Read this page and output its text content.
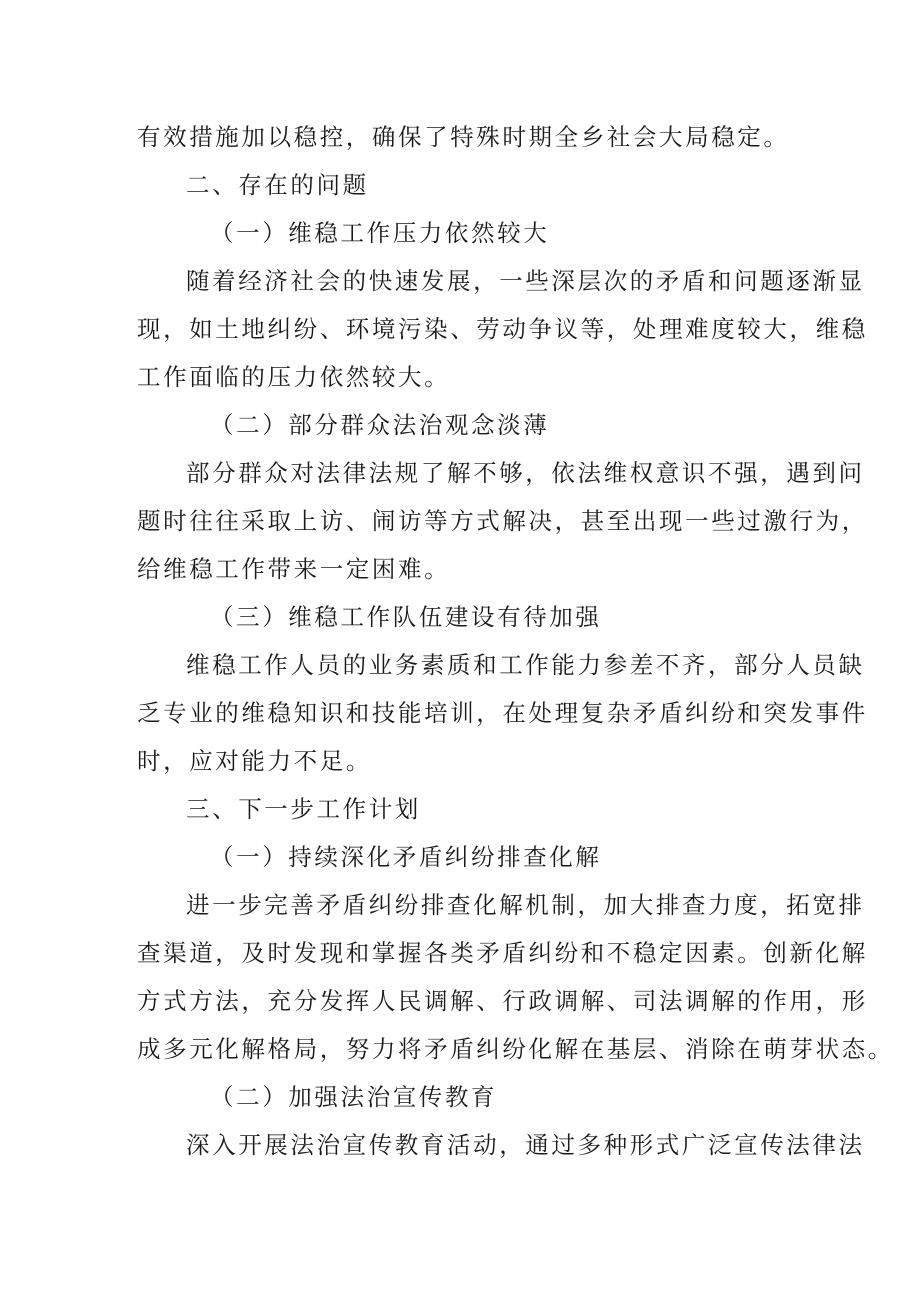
有效措施加以稳控，确保了特殊时期全乡社会大局稳定。
二、存在的问题
（一）维稳工作压力依然较大
随着经济社会的快速发展，一些深层次的矛盾和问题逐渐显
现，如土地纠纷、环境污染、劳动争议等，处理难度较大，维稳
工作面临的压力依然较大。
（二）部分群众法治观念淡薄
部分群众对法律法规了解不够，依法维权意识不强，遇到问
题时往往采取上访、闹访等方式解决，甚至出现一些过激行为，
给维稳工作带来一定困难。
（三）维稳工作队伍建设有待加强
维稳工作人员的业务素质和工作能力参差不齐，部分人员缺
乏专业的维稳知识和技能培训，在处理复杂矛盾纠纷和突发事件
时，应对能力不足。
三、下一步工作计划
（一）持续深化矛盾纠纷排查化解
进一步完善矛盾纠纷排查化解机制，加大排查力度，拓宽排
查渠道，及时发现和掌握各类矛盾纠纷和不稳定因素。创新化解
方式方法，充分发挥人民调解、行政调解、司法调解的作用，形
成多元化解格局，努力将矛盾纠纷化解在基层、消除在萌芽状态。
（二）加强法治宣传教育
深入开展法治宣传教育活动，通过多种形式广泛宣传法律法
